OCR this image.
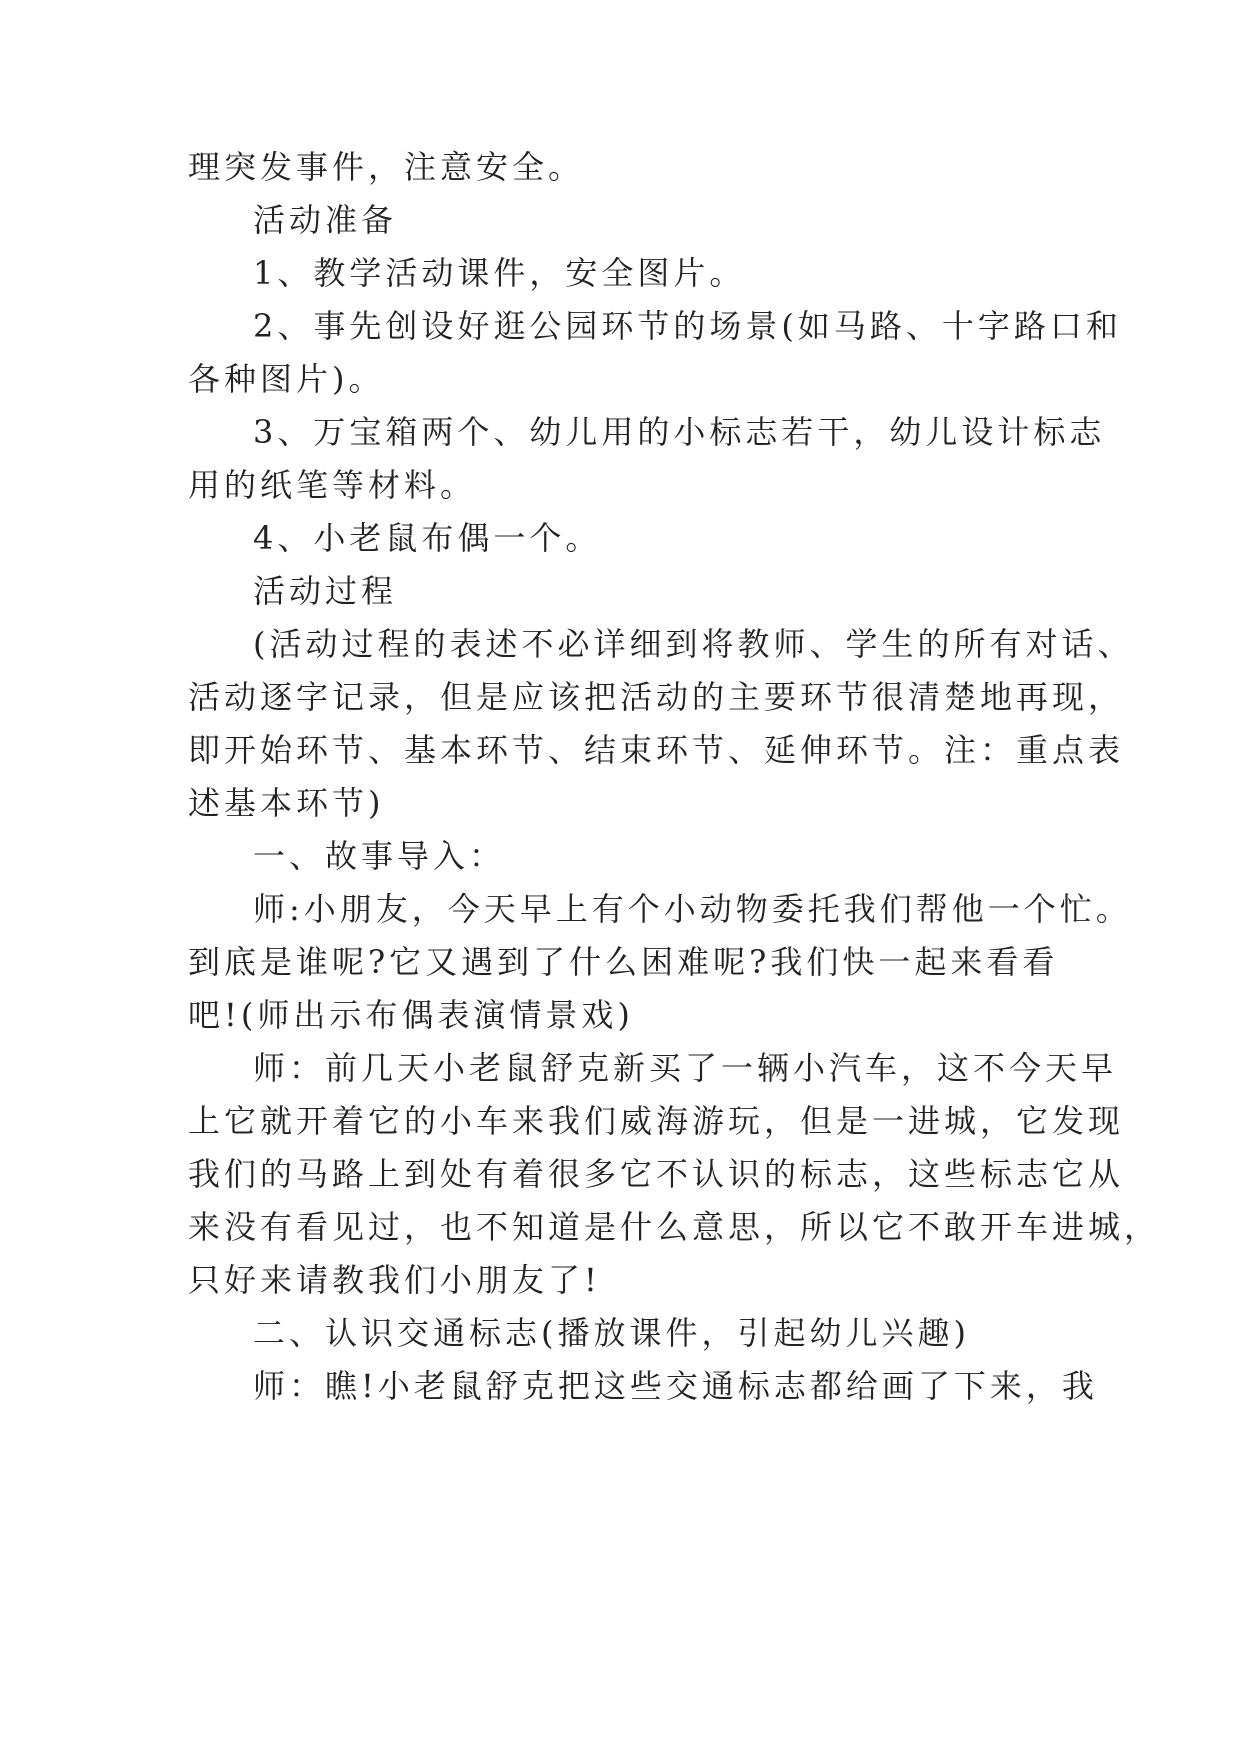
理突发事件，注意安全。
活动准备
1、教学活动课件，安全图片。
2、事先创设好逛公园环节的场景(如马路、十字路口和
各种图片)。
3、万宝箱两个、幼儿用的小标志若干，幼儿设计标志
用的纸笔等材料。
4、小老鼠布偶一个。
活动过程
(活动过程的表述不必详细到将教师、学生的所有对话、
活动逐字记录，但是应该把活动的主要环节很清楚地再现，
即开始环节、基本环节、结束环节、延伸环节。注：重点表
述基本环节)
一、故事导入：
师:小朋友，今天早上有个小动物委托我们帮他一个忙。
到底是谁呢?它又遇到了什么困难呢?我们快一起来看看
吧!(师出示布偶表演情景戏)
师：前几天小老鼠舒克新买了一辆小汽车，这不今天早
上它就开着它的小车来我们威海游玩，但是一进城，它发现
我们的马路上到处有着很多它不认识的标志，这些标志它从
来没有看见过，也不知道是什么意思，所以它不敢开车进城，
只好来请教我们小朋友了!
二、认识交通标志(播放课件，引起幼儿兴趣)
师：瞧!小老鼠舒克把这些交通标志都给画了下来，我
